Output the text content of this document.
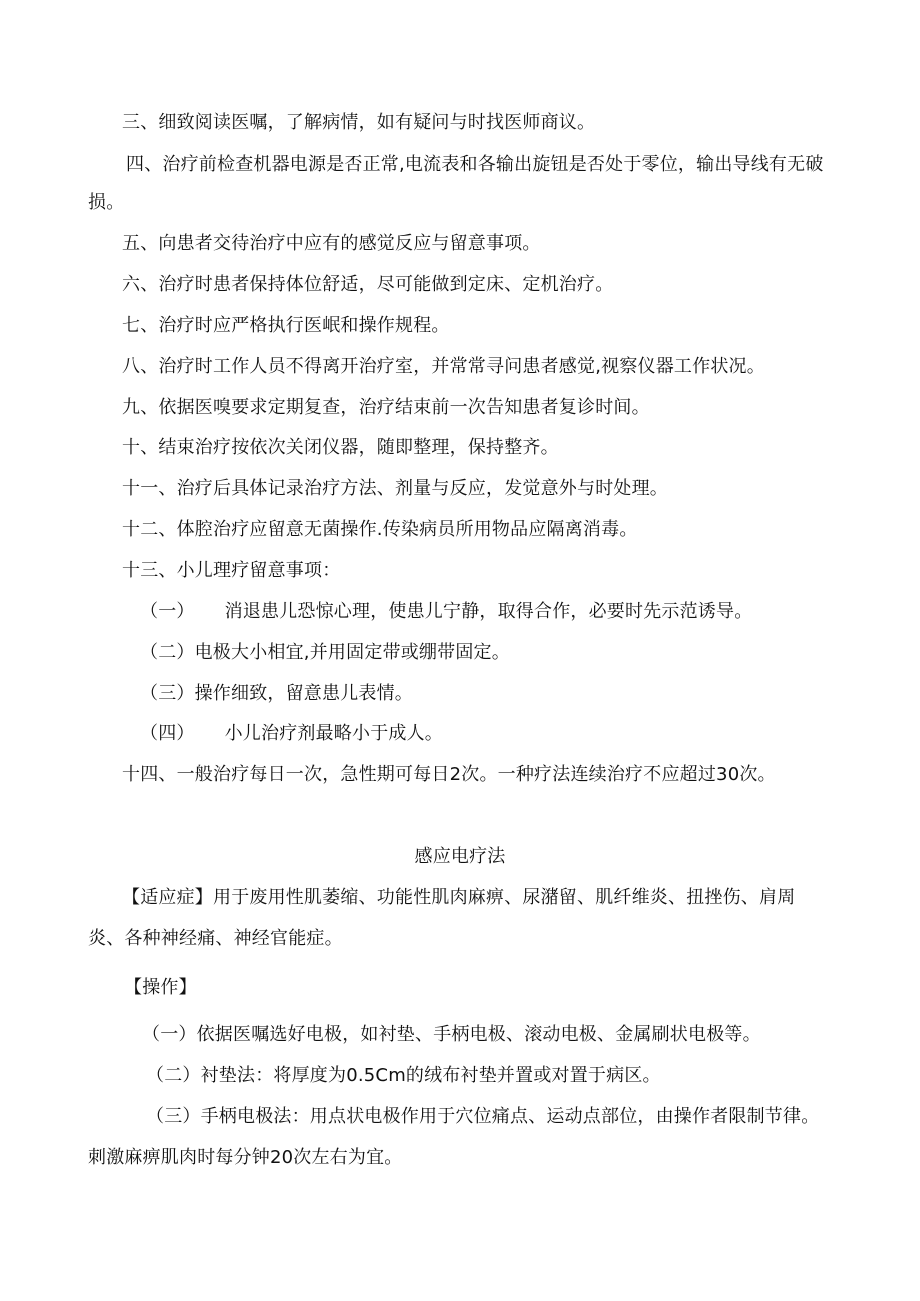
三、细致阅读医嘱，了解病情，如有疑问与时找医师商议。
四、治疗前检查机器电源是否正常,电流表和各输出旋钮是否处于零位，输出导线有无破
损。
五、向患者交待治疗中应有的感觉反应与留意事项。
六、治疗时患者保持体位舒适，尽可能做到定床、定机治疗。
七、治疗时应严格执行医岷和操作规程。
八、治疗时工作人员不得离开治疗室，并常常寻问患者感觉,视察仪器工作状况。
九、依据医嗅要求定期复查，治疗结束前一次告知患者复诊时间。
十、结束治疗按依次关闭仪器，随即整理，保持整齐。
十一、治疗后具体记录治疗方法、剂量与反应，发觉意外与时处理。
十二、体腔治疗应留意无菌操作.传染病员所用物品应隔离消毒。
十三、小儿理疗留意事项：
（一） 消退患儿恐惊心理，使患儿宁静，取得合作，必要时先示范诱导。
（二）电极大小相宜,并用固定带或绷带固定。
（三）操作细致，留意患儿表情。
（四） 小儿治疗剂最略小于成人。
十四、一般治疗每日一次，急性期可每日2次。一种疗法连续治疗不应超过30次。
感应电疗法
【适应症】用于废用性肌萎缩、功能性肌肉麻痹、尿潴留、肌纤维炎、扭挫伤、肩周
炎、各种神经痛、神经官能症。
【操作】
（一）依据医嘱选好电极，如衬垫、手柄电极、滚动电极、金属刷状电极等。
（二）衬垫法：将厚度为0.5Cm的绒布衬垫并置或对置于病区。
（三）手柄电极法：用点状电极作用于穴位痛点、运动点部位，由操作者限制节律。
刺激麻痹肌肉时每分钟20次左右为宜。
